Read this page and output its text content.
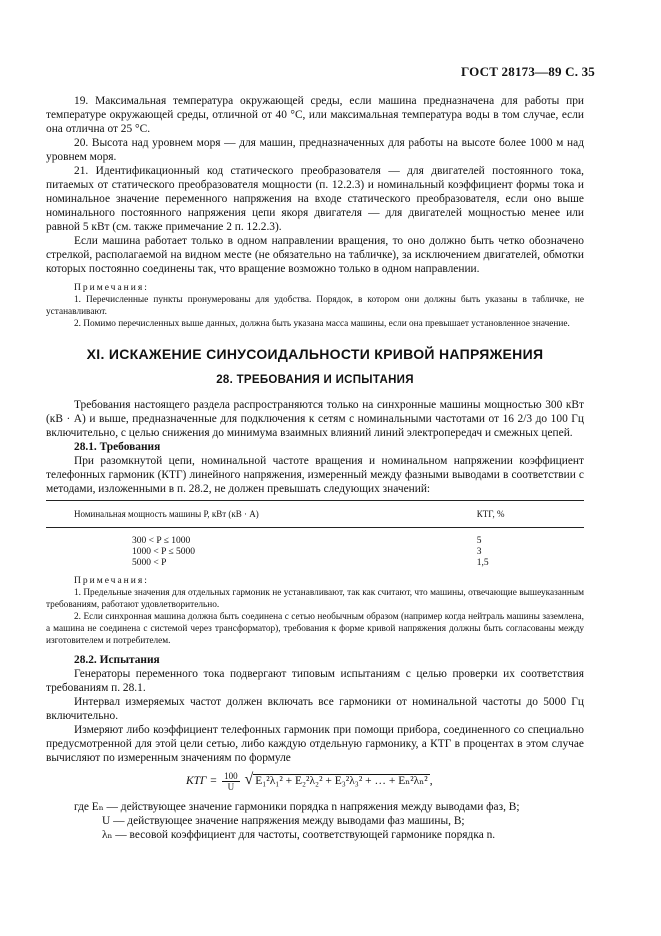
ГОСТ 28173—89 С. 35

19. Максимальная температура окружающей среды, если машина предназначена для работы при температуре окружающей среды, отличной от 40 °С, или максимальная температура воды в том случае, если она отлична от 25 °С.

20. Высота над уровнем моря — для машин, предназначенных для работы на высоте более 1000 м над уровнем моря.

21. Идентификационный код статического преобразователя — для двигателей постоянного тока, питаемых от статического преобразователя мощности (п. 12.2.3) и номинальный коэффициент формы тока и номинальное значение переменного напряжения на входе статического преобразователя, если оно выше номинального постоянного напряжения цепи якоря двигателя — для двигателей мощностью менее или равной 5 кВт (см. также примечание 2 п. 12.2.3).

Если машина работает только в одном направлении вращения, то оно должно быть четко обозначено стрелкой, располагаемой на видном месте (не обязательно на табличке), за исключением двигателей, обмотки которых постоянно соединены так, что вращение возможно только в одном направлении.

Примечания:

1. Перечисленные пункты пронумерованы для удобства. Порядок, в котором они должны быть указаны в табличке, не устанавливают.

2. Помимо перечисленных выше данных, должна быть указана масса машины, если она превышает установленное значение.

XI. ИСКАЖЕНИЕ СИНУСОИДАЛЬНОСТИ КРИВОЙ НАПРЯЖЕНИЯ
28. ТРЕБОВАНИЯ И ИСПЫТАНИЯ

Требования настоящего раздела распространяются только на синхронные машины мощностью 300 кВт (кВ · А) и выше, предназначенные для подключения к сетям с номинальными частотами от 16 2/3 до 100 Гц включительно, с целью снижения до минимума взаимных влияний линий электропередач и смежных цепей.

28.1. Требования

При разомкнутой цепи, номинальной частоте вращения и номинальном напряжении коэффициент телефонных гармоник (КТГ) линейного напряжения, измеренный между фазными выводами в соответствии с методами, изложенными в п. 28.2, не должен превышать следующих значений:

Номинальная мощность машины Р, кВт (кВ · А)	КТГ, %
300 < P ≤ 1000	5
1000 < P ≤ 5000	3
5000 < P	1,5
Примечания:

1. Предельные значения для отдельных гармоник не устанавливают, так как считают, что машины, отвечающие вышеуказанным требованиям, работают удовлетворительно.

2. Если синхронная машина должна быть соединена с сетью необычным образом (например когда нейтраль машины заземлена, а машина не соединена с системой через трансформатор), требования к форме кривой напряжения должны быть согласованы между изготовителем и потребителем.

28.2. Испытания

Генераторы переменного тока подвергают типовым испытаниям с целью проверки их соответствия требованиям п. 28.1.

Интервал измеряемых частот должен включать все гармоники от номинальной частоты до 5000 Гц включительно.

Измеряют либо коэффициент телефонных гармоник при помощи прибора, соединенного со специально предусмотренной для этой цели сетью, либо каждую отдельную гармонику, а КТГ в процентах в этом случае вычисляют по измеренным значениям по формуле

КТГ = $\frac{100}{U}$ √ E₁²λ₁² + E₂²λ₂² + E₃²λ₃² + … + Eₙ²λₙ² ,

где Eₙ — действующее значение гармоники порядка n напряжения между выводами фаз, В;

U — действующее значение напряжения между выводами фаз машины, В;

λₙ — весовой коэффициент для частоты, соответствующей гармонике порядка n.
